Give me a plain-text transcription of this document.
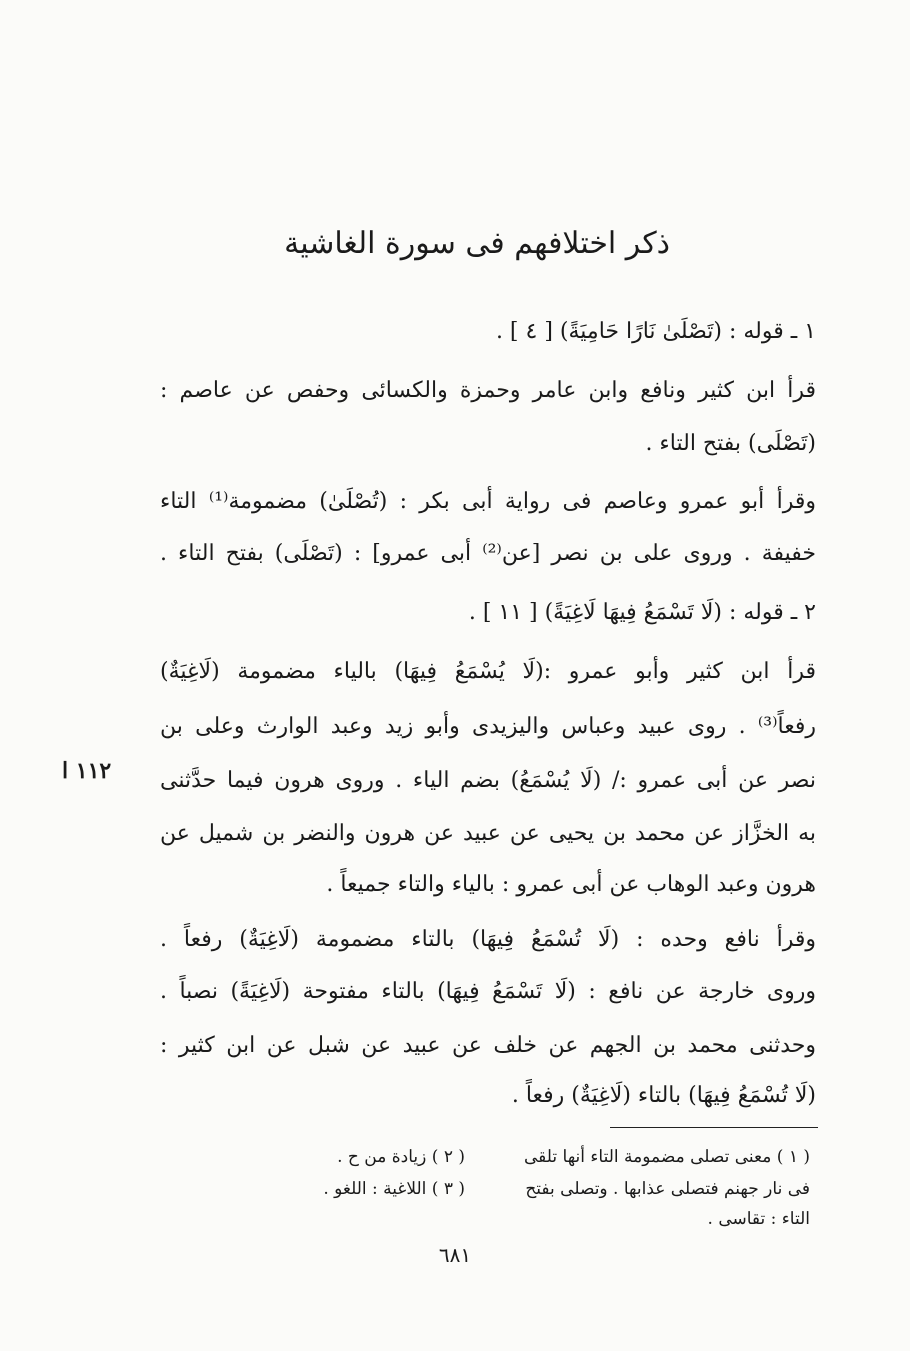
ذكر اختلافهم فى سورة الغاشية
١ ـ قوله : (تَصْلَىٰ نَارًا حَامِيَةً) [ ٤ ] .
قرأ ابن كثير ونافع وابن عامر وحمزة والكسائى وحفص عن عاصم :
(تَصْلَى) بفتح التاء .
وقرأ أبو عمرو وعاصم فى رواية أبى بكر : (تُصْلَىٰ) مضمومة⁽¹⁾ التاء
خفيفة . وروى على بن نصر [عن⁽²⁾ أبى عمرو] : (تَصْلَى) بفتح التاء .
٢ ـ قوله : (لَا تَسْمَعُ فِيهَا لَاغِيَةً) [ ١١ ] .
قرأ ابن كثير وأبو عمرو :(لَا يُسْمَعُ فِيهَا) بالياء مضمومة (لَاغِيَةٌ)
رفعاً⁽³⁾ . روى عبيد وعباس واليزيدى وأبو زيد وعبد الوارث وعلى بن
نصر عن أبى عمرو :/ (لَا يُسْمَعُ) بضم الياء . وروى هرون فيما حدَّثنى
به الخزَّاز عن محمد بن يحيى عن عبيد عن هرون والنضر بن شميل عن
هرون وعبد الوهاب عن أبى عمرو : بالياء والتاء جميعاً .
وقرأ نافع وحده : (لَا تُسْمَعُ فِيهَا) بالتاء مضمومة (لَاغِيَةٌ) رفعاً .
وروى خارجة عن نافع : (لَا تَسْمَعُ فِيهَا) بالتاء مفتوحة (لَاغِيَةً) نصباً .
وحدثنى محمد بن الجهم عن خلف عن عبيد عن شبل عن ابن كثير :
(لَا تُسْمَعُ فِيهَا) بالتاء (لَاغِيَةٌ) رفعاً .
١١٢ ا
( ١ ) معنى تصلى مضمومة التاء أنها تلقى
فى نار جهنم فتصلى عذابها . وتصلى بفتح
التاء : تقاسى .
( ٢ ) زيادة من ح .
( ٣ ) اللاغية : اللغو .
٦٨١
